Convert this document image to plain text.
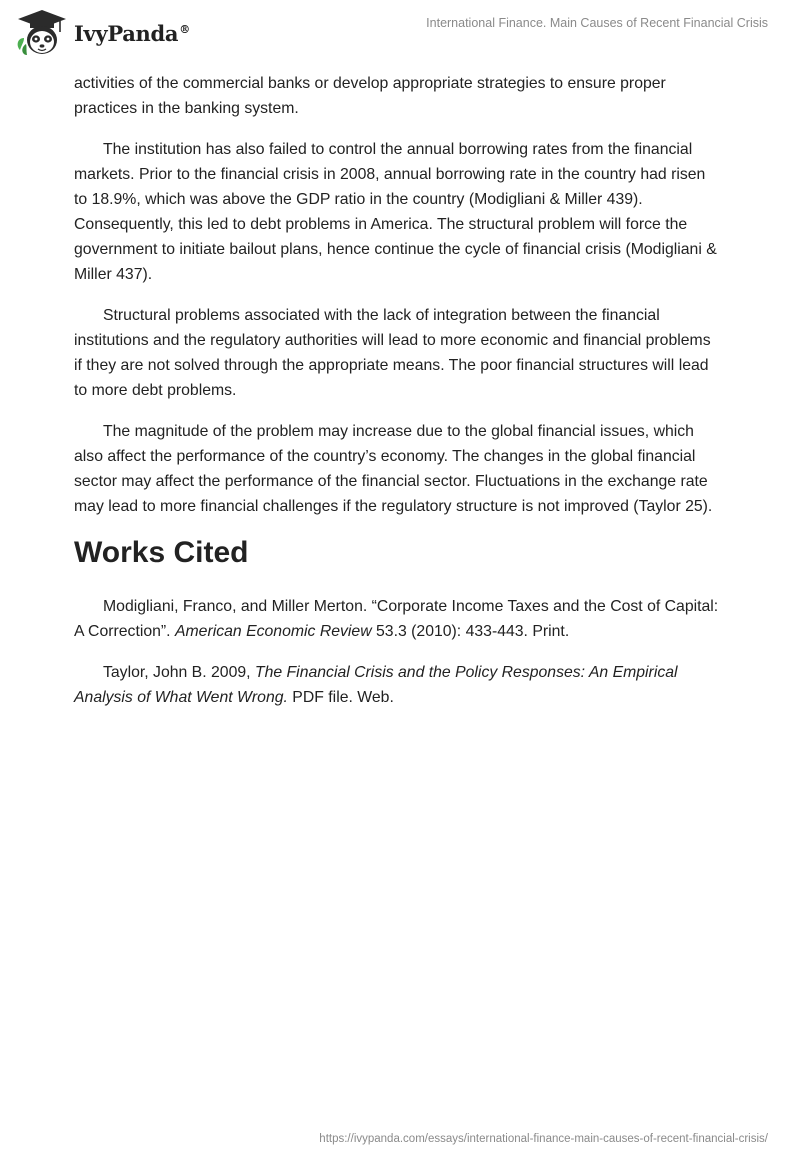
IvyPanda®	International Finance. Main Causes of Recent Financial Crisis

activities of the commercial banks or develop appropriate strategies to ensure proper practices in the banking system.

The institution has also failed to control the annual borrowing rates from the financial markets. Prior to the financial crisis in 2008, annual borrowing rate in the country had risen to 18.9%, which was above the GDP ratio in the country (Modigliani & Miller 439). Consequently, this led to debt problems in America. The structural problem will force the government to initiate bailout plans, hence continue the cycle of financial crisis (Modigliani & Miller 437).

Structural problems associated with the lack of integration between the financial institutions and the regulatory authorities will lead to more economic and financial problems if they are not solved through the appropriate means. The poor financial structures will lead to more debt problems.

The magnitude of the problem may increase due to the global financial issues, which also affect the performance of the country’s economy. The changes in the global financial sector may affect the performance of the financial sector. Fluctuations in the exchange rate may lead to more financial challenges if the regulatory structure is not improved (Taylor 25).

Works Cited

Modigliani, Franco, and Miller Merton. “Corporate Income Taxes and the Cost of Capital: A Correction”. American Economic Review 53.3 (2010): 433-443. Print.

Taylor, John B. 2009, The Financial Crisis and the Policy Responses: An Empirical Analysis of What Went Wrong. PDF file. Web.

https://ivypanda.com/essays/international-finance-main-causes-of-recent-financial-crisis/
